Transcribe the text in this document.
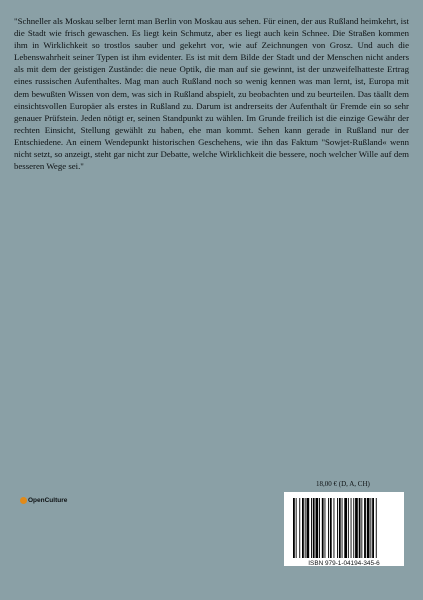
"Schneller als Moskau selber lernt man Berlin von Moskau aus sehen. Für einen, der aus Rußland heimkehrt, ist die Stadt wie frisch gewaschen. Es liegt kein Schmutz, aber es liegt auch kein Schnee. Die Straßen kommen ihm in Wirklichkeit so trostlos sauber und gekehrt vor, wie auf Zeichnungen von Grosz. Und auch die Lebenswahrheit seiner Typen ist ihm evidenter. Es ist mit dem Bilde der Stadt und der Menschen nicht anders als mit dem der geistigen Zustände: die neue Optik, die man auf sie gewinnt, ist der unzweifelhatteste Ertrag eines russischen Aufenthaltes. Mag man auch Rußland noch so wenig kennen was man lernt, ist, Europa mit dem bewußten Wissen von dem, was sich in Rußland abspielt, zu beobachten und zu beurteilen. Das täallt dem einsichtsvollen Europäer als erstes in Rußland zu. Darum ist andrerseits der Aufenthalt ür Fremde ein so sehr genauer Prüfstein. Jeden nötigt er, seinen Standpunkt zu wählen. Im Grunde freilich ist die einzige Gewähr der rechten Einsicht, Stellung gewählt zu haben, ehe man kommt. Sehen kann gerade in Rußland nur der Entschiedene. An einem Wendepunkt historischen Geschehens, wie ihn das Faktum "Sowjet-Rußland« wenn nicht setzt, so anzeigt, steht gar nicht zur Debatte, welche Wirklichkeit die bessere, noch welcher Wille auf dem besseren Wege sei."

18,00 € (D, A, CH)
OpenCulture
ISBN 979-1-04194-345-6
